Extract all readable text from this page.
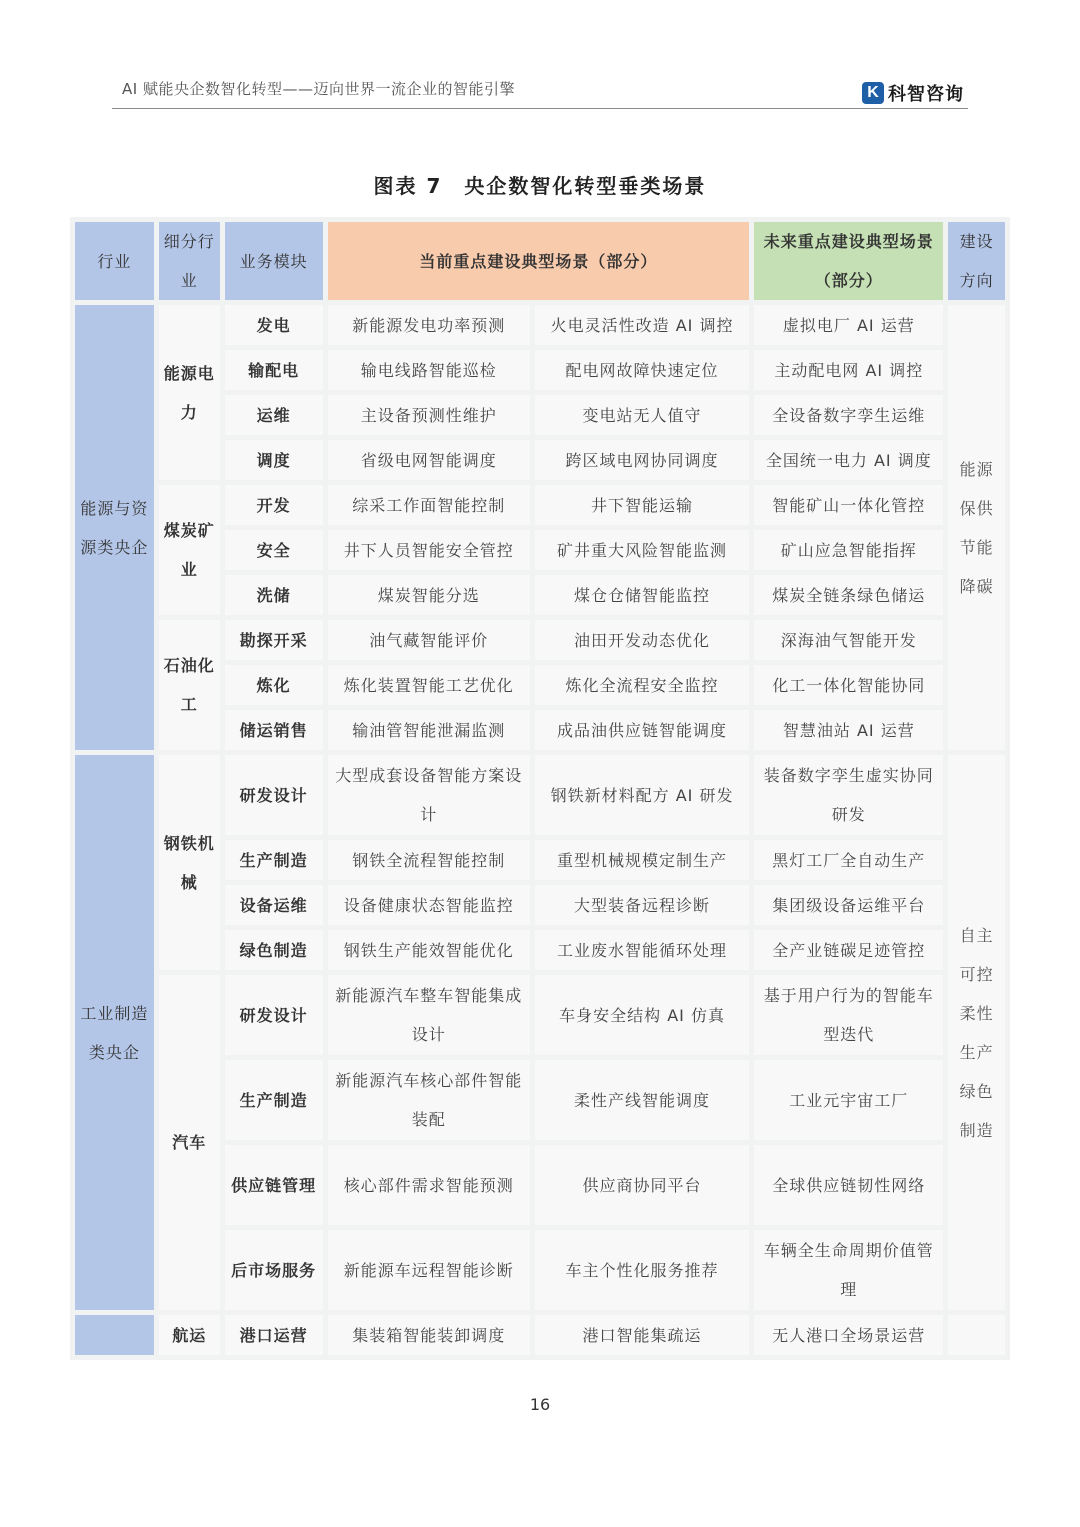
AI 赋能央企数智化转型——迈向世界一流企业的智能引擎	K 科智咨询
图表 7　央企数智化转型垂类场景
行业	细分行业	业务模块	当前重点建设典型场景（部分）		未来重点建设典型场景（部分）	建设方向
能源与资源类央企	能源电力	发电	新能源发电功率预测	火电灵活性改造 AI 调控	虚拟电厂 AI 运营	能源保供节能降碳
		输配电	输电线路智能巡检	配电网故障快速定位	主动配电网 AI 调控	
		运维	主设备预测性维护	变电站无人值守	全设备数字孪生运维	
		调度	省级电网智能调度	跨区域电网协同调度	全国统一电力 AI 调度	
	煤炭矿业	开发	综采工作面智能控制	井下智能运输	智能矿山一体化管控	
		安全	井下人员智能安全管控	矿井重大风险智能监测	矿山应急智能指挥	
		洗储	煤炭智能分选	煤仓仓储智能监控	煤炭全链条绿色储运	
	石油化工	勘探开采	油气藏智能评价	油田开发动态优化	深海油气智能开发	
		炼化	炼化装置智能工艺优化	炼化全流程安全监控	化工一体化智能协同	
		储运销售	输油管智能泄漏监测	成品油供应链智能调度	智慧油站 AI 运营	
工业制造类央企	钢铁机械	研发设计	大型成套设备智能方案设计	钢铁新材料配方 AI 研发	装备数字孪生虚实协同研发	自主可控柔性生产绿色制造
		生产制造	钢铁全流程智能控制	重型机械规模定制生产	黑灯工厂全自动生产	
		设备运维	设备健康状态智能监控	大型装备远程诊断	集团级设备运维平台	
		绿色制造	钢铁生产能效智能优化	工业废水智能循环处理	全产业链碳足迹管控	
	汽车	研发设计	新能源汽车整车智能集成设计	车身安全结构 AI 仿真	基于用户行为的智能车型迭代	
		生产制造	新能源汽车核心部件智能装配	柔性产线智能调度	工业元宇宙工厂	
		供应链管理	核心部件需求智能预测	供应商协同平台	全球供应链韧性网络	
		后市场服务	新能源车远程智能诊断	车主个性化服务推荐	车辆全生命周期价值管理	
	航运	港口运营	集装箱智能装卸调度	港口智能集疏运	无人港口全场景运营	
16
